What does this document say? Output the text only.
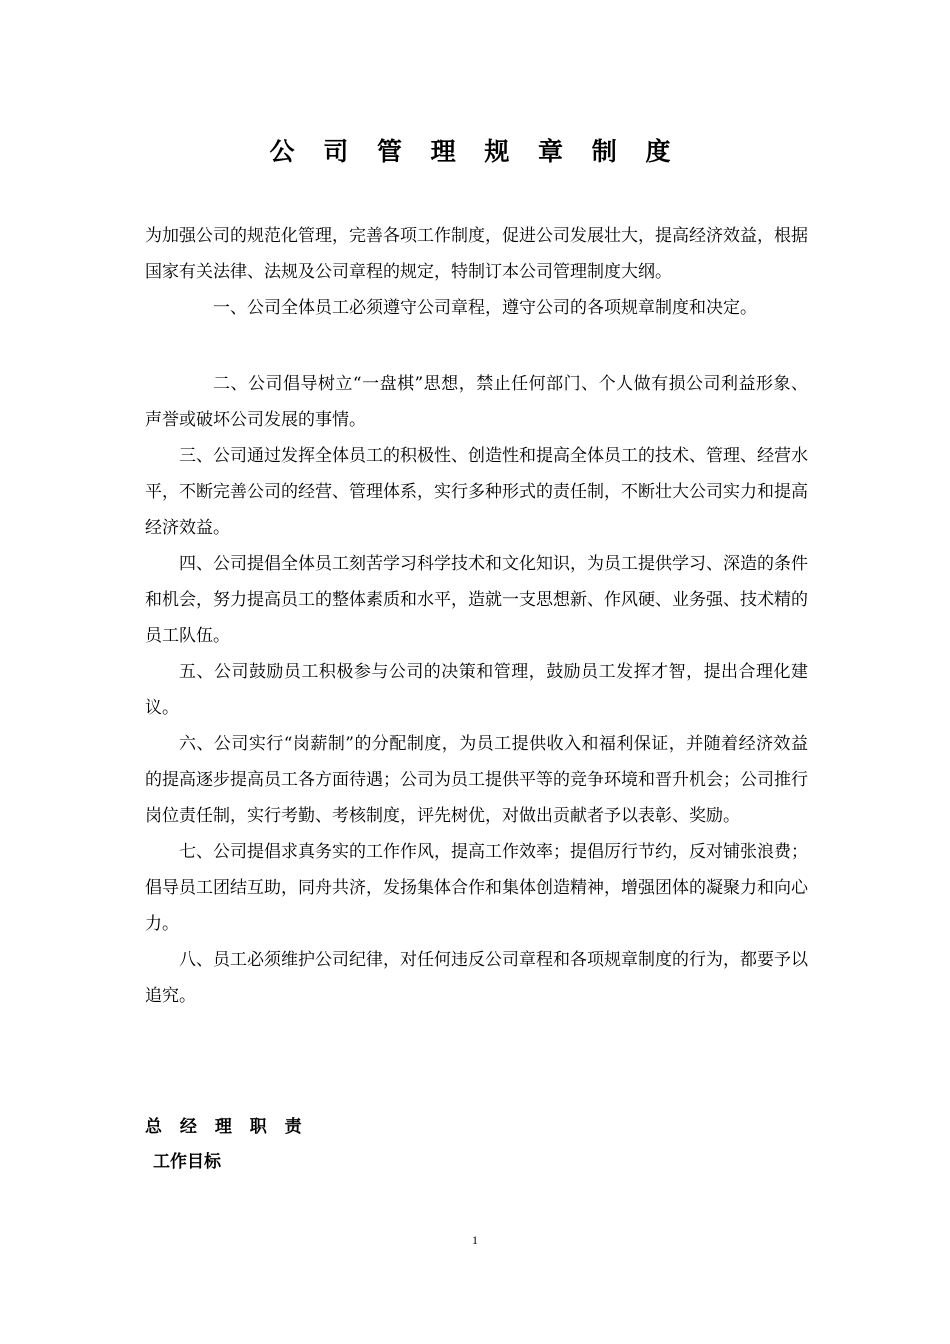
公 司 管 理 规 章 制 度

为加强公司的规范化管理，完善各项工作制度，促进公司发展壮大，提高经济效益，根据国家有关法律、法规及公司章程的规定，特制订本公司管理制度大纲。

一、公司全体员工必须遵守公司章程，遵守公司的各项规章制度和决定。

二、公司倡导树立“一盘棋”思想，禁止任何部门、个人做有损公司利益形象、声誉或破坏公司发展的事情。

三、公司通过发挥全体员工的积极性、创造性和提高全体员工的技术、管理、经营水平，不断完善公司的经营、管理体系，实行多种形式的责任制，不断壮大公司实力和提高经济效益。

四、公司提倡全体员工刻苦学习科学技术和文化知识，为员工提供学习、深造的条件和机会，努力提高员工的整体素质和水平，造就一支思想新、作风硬、业务强、技术精的员工队伍。

五、公司鼓励员工积极参与公司的决策和管理，鼓励员工发挥才智，提出合理化建议。

六、公司实行“岗薪制”的分配制度，为员工提供收入和福利保证，并随着经济效益的提高逐步提高员工各方面待遇；公司为员工提供平等的竞争环境和晋升机会；公司推行岗位责任制，实行考勤、考核制度，评先树优，对做出贡献者予以表彰、奖励。

七、公司提倡求真务实的工作作风，提高工作效率；提倡厉行节约，反对铺张浪费；倡导员工团结互助，同舟共济，发扬集体合作和集体创造精神，增强团体的凝聚力和向心力。

八、员工必须维护公司纪律，对任何违反公司章程和各项规章制度的行为，都要予以追究。

总 经 理 职 责
工作目标
1
